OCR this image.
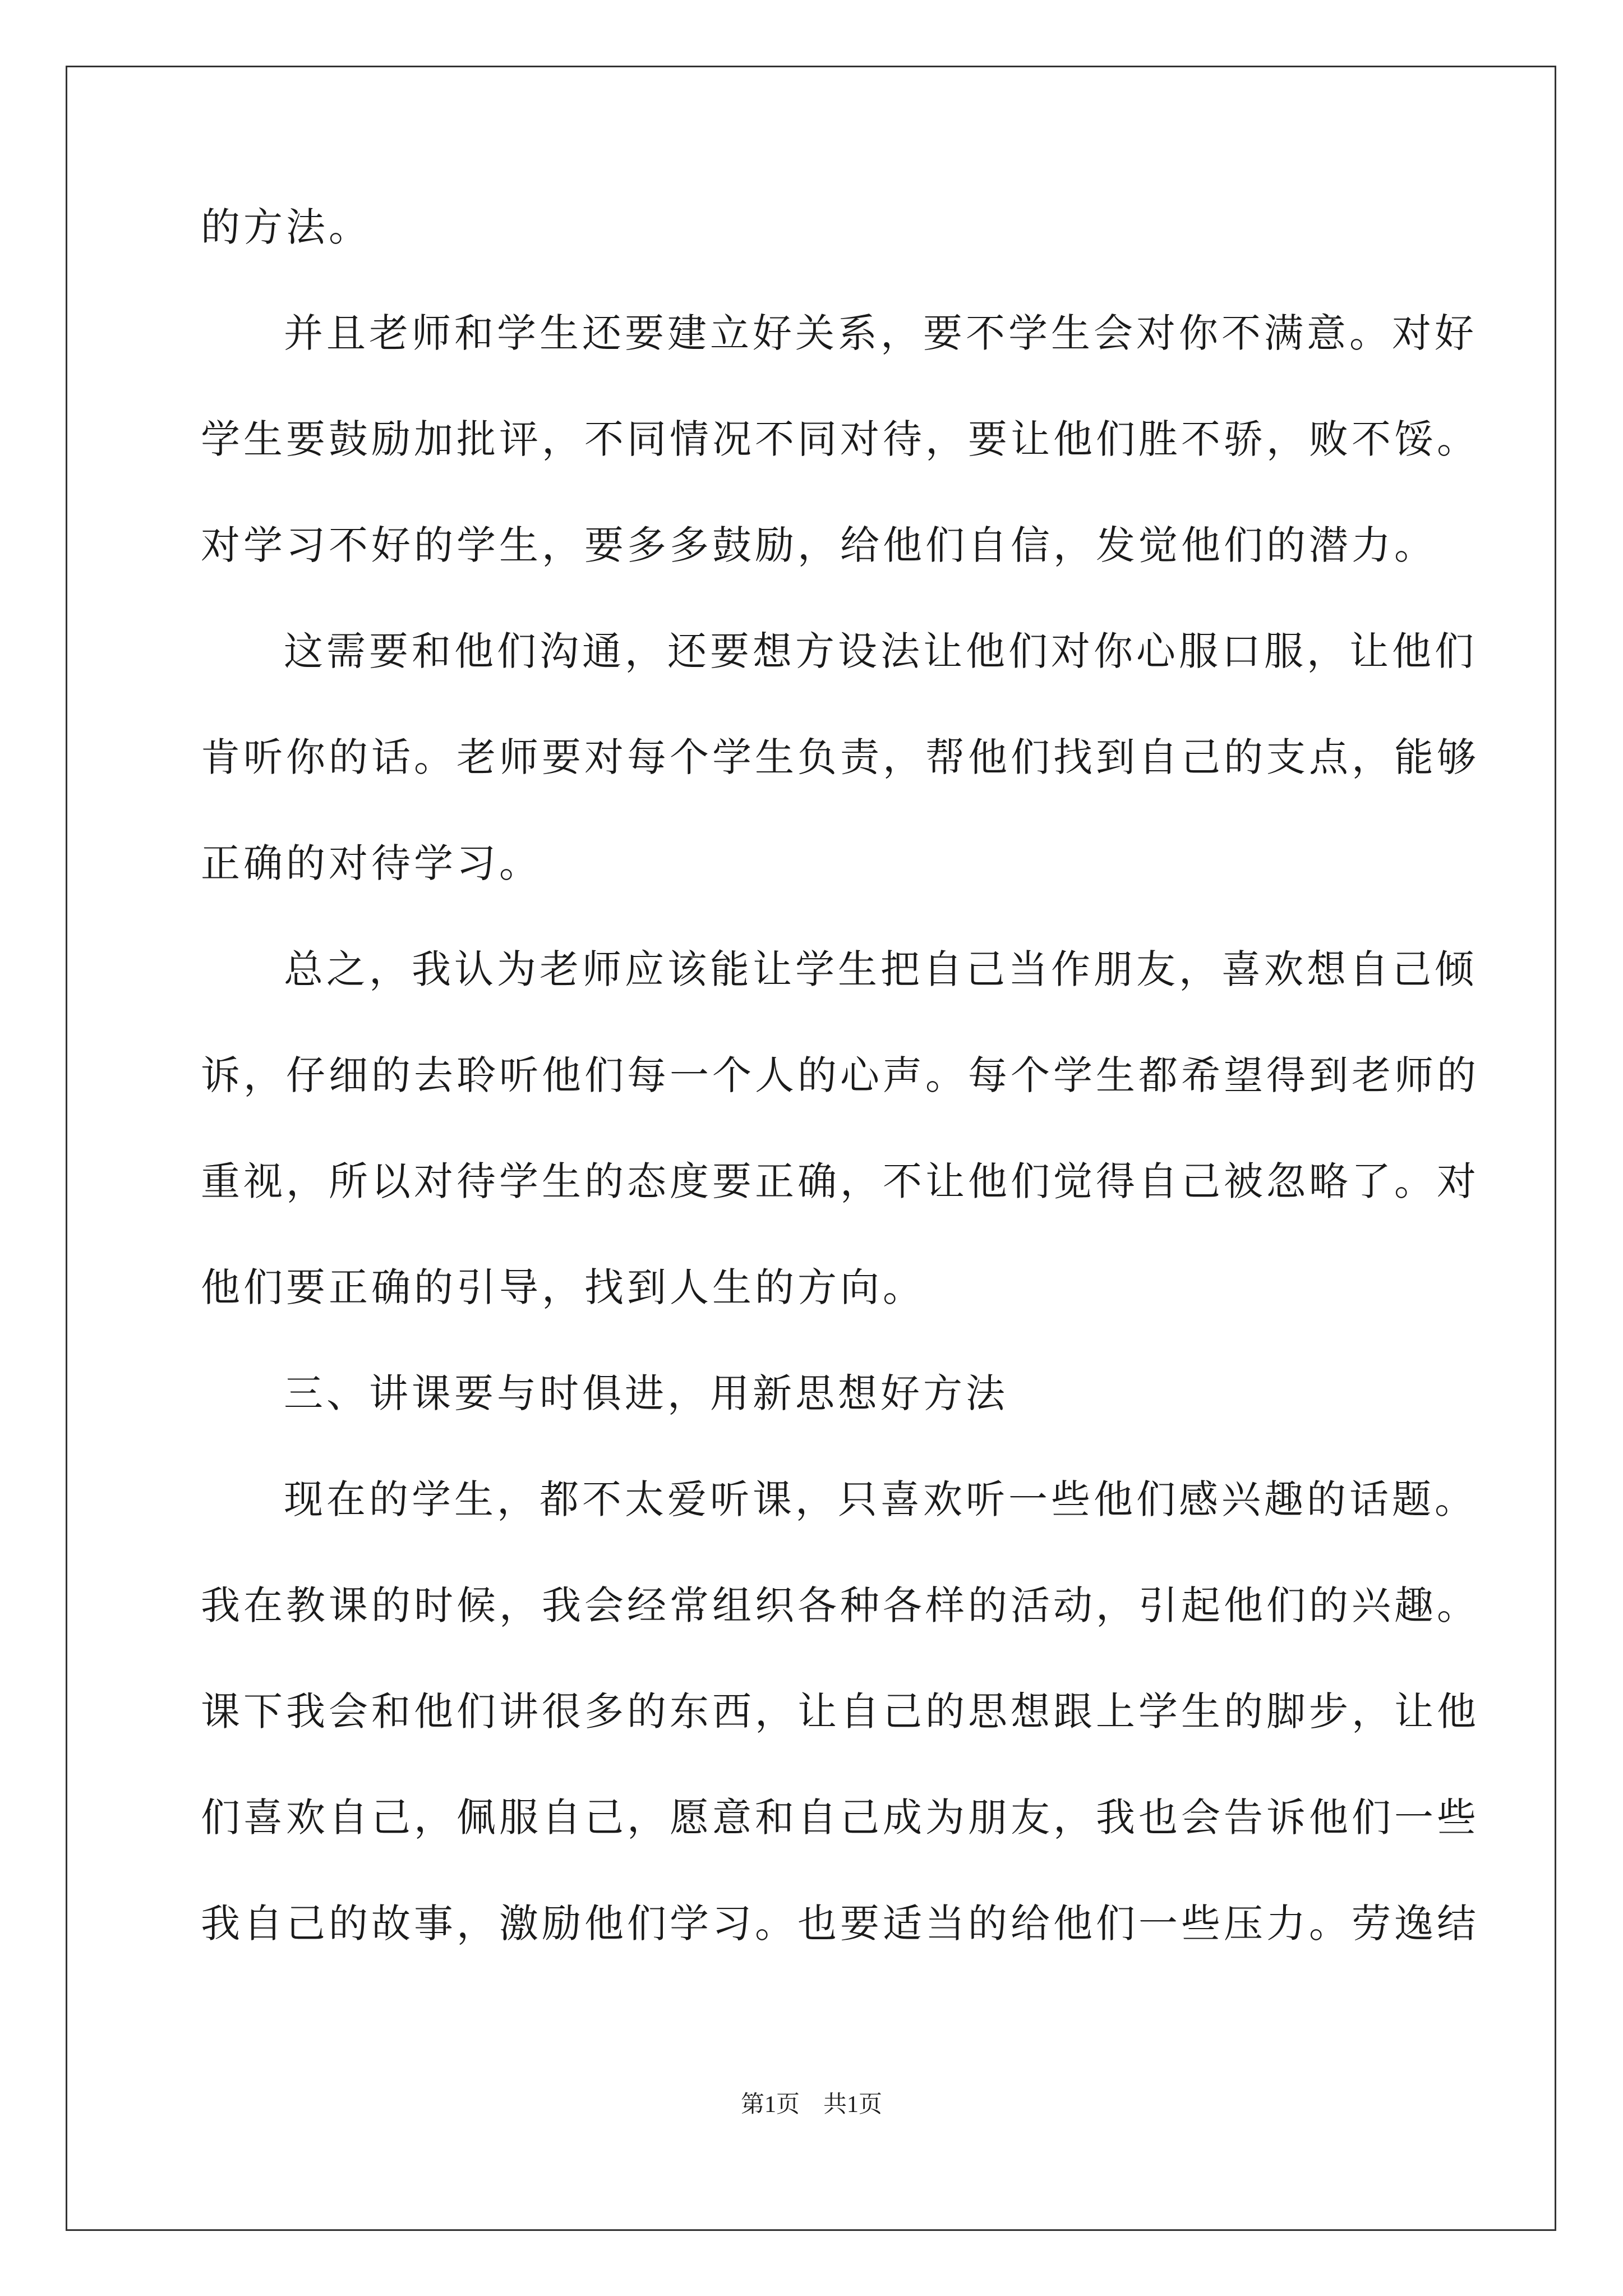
的方法。
并且老师和学生还要建立好关系，要不学生会对你不满意。对好
学生要鼓励加批评，不同情况不同对待，要让他们胜不骄，败不馁。
对学习不好的学生，要多多鼓励，给他们自信，发觉他们的潜力。
这需要和他们沟通，还要想方设法让他们对你心服口服，让他们
肯听你的话。老师要对每个学生负责，帮他们找到自己的支点，能够
正确的对待学习。
总之，我认为老师应该能让学生把自己当作朋友，喜欢想自己倾
诉，仔细的去聆听他们每一个人的心声。每个学生都希望得到老师的
重视，所以对待学生的态度要正确，不让他们觉得自己被忽略了。对
他们要正确的引导，找到人生的方向。
三、讲课要与时俱进，用新思想好方法
现在的学生，都不太爱听课，只喜欢听一些他们感兴趣的话题。
我在教课的时候，我会经常组织各种各样的活动，引起他们的兴趣。
课下我会和他们讲很多的东西，让自己的思想跟上学生的脚步，让他
们喜欢自己，佩服自己，愿意和自己成为朋友，我也会告诉他们一些
我自己的故事，激励他们学习。也要适当的给他们一些压力。劳逸结
第1页　共1页
